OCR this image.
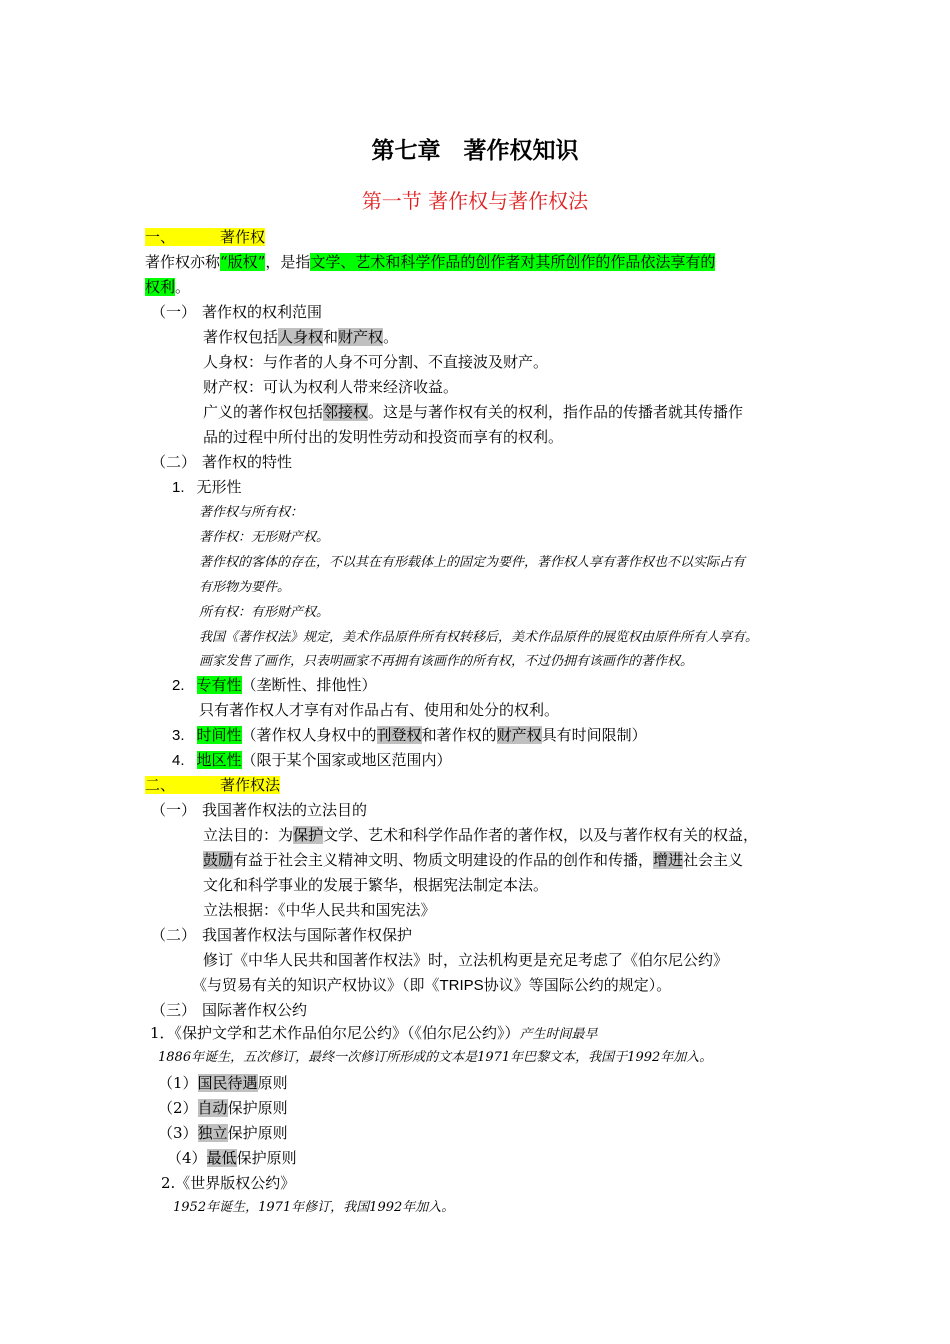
第七章　著作权知识
第一节 著作权与著作权法
一、	著作权
著作权亦称“版权”，是指文学、艺术和科学作品的创作者对其所创作的作品依法享有的
权利。
（一） 著作权的权利范围
著作权包括人身权和财产权。
人身权：与作者的人身不可分割、不直接波及财产。
财产权：可认为权利人带来经济收益。
广义的著作权包括邻接权。这是与著作权有关的权利，指作品的传播者就其传播作
品的过程中所付出的发明性劳动和投资而享有的权利。
（二） 著作权的特性
1. 无形性
著作权与所有权：
著作权：无形财产权。
著作权的客体的存在，不以其在有形载体上的固定为要件，著作权人享有著作权也不以实际占有
有形物为要件。
所有权：有形财产权。
我国《著作权法》规定，美术作品原件所有权转移后，美术作品原件的展览权由原件所有人享有。
画家发售了画作，只表明画家不再拥有该画作的所有权，不过仍拥有该画作的著作权。
2. 专有性（垄断性、排他性）
只有著作权人才享有对作品占有、使用和处分的权利。
3. 时间性（著作权人身权中的刊登权和著作权的财产权具有时间限制）
4. 地区性（限于某个国家或地区范围内）
二、	著作权法
（一） 我国著作权法的立法目的
立法目的：为保护文学、艺术和科学作品作者的著作权，以及与著作权有关的权益，
鼓励有益于社会主义精神文明、物质文明建设的作品的创作和传播，增进社会主义
文化和科学事业的发展于繁华，根据宪法制定本法。
立法根据：《中华人民共和国宪法》
（二） 我国著作权法与国际著作权保护
修订《中华人民共和国著作权法》时，立法机构更是充足考虑了《伯尔尼公约》
《与贸易有关的知识产权协议》（即《TRIPS协议》等国际公约的规定）。
（三） 国际著作权公约
1．《保护文学和艺术作品伯尔尼公约》（《伯尔尼公约》）产生时间最早
1886年诞生，五次修订，最终一次修订所形成的文本是1971年巴黎文本，我国于1992年加入。
（1）国民待遇原则
（2）自动保护原则
（3）独立保护原则
（4）最低保护原则
2.《世界版权公约》
1952年诞生，1971年修订，我国1992年加入。
